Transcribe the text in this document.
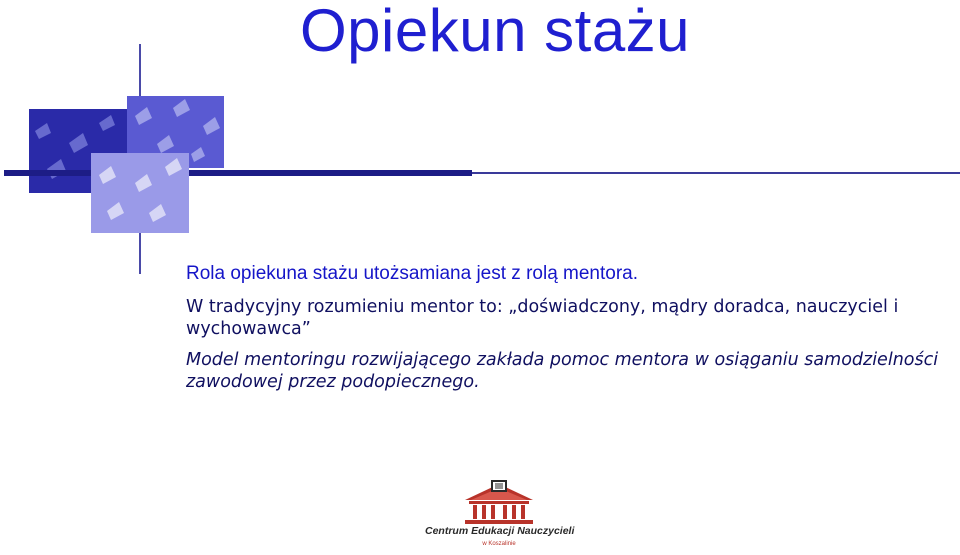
Opiekun stażu
Rola opiekuna stażu utożsamiana jest z rolą mentora.
W tradycyjny rozumieniu mentor to: „doświadczony, mądry doradca, nauczyciel i wychowawca”
Model mentoringu rozwijającego zakłada pomoc mentora w osiąganiu samodzielności zawodowej przez podopiecznego.
Centrum Edukacji Nauczycieli
w Koszalinie
